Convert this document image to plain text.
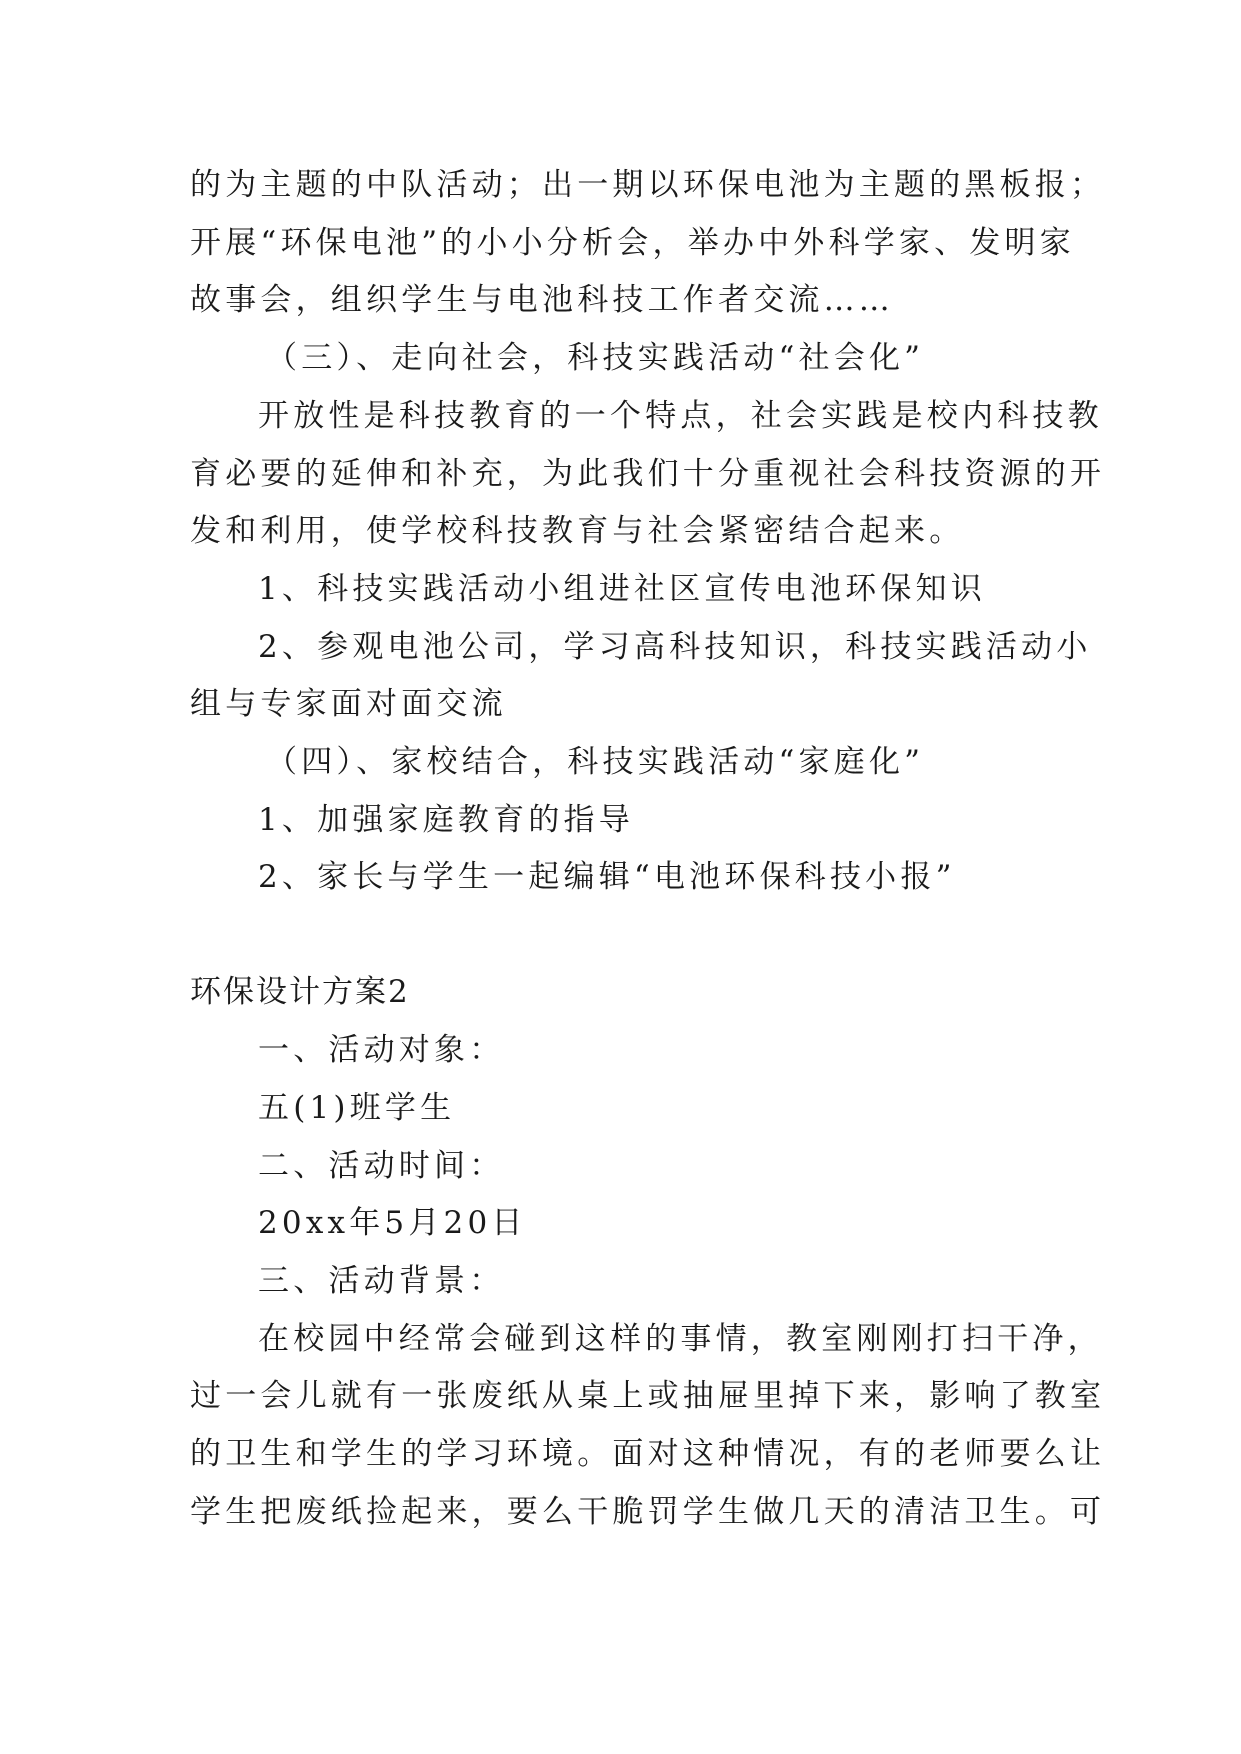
的为主题的中队活动；出一期以环保电池为主题的黑板报；
开展“环保电池”的小小分析会，举办中外科学家、发明家
故事会，组织学生与电池科技工作者交流……
（三）、走向社会，科技实践活动“社会化”
开放性是科技教育的一个特点，社会实践是校内科技教
育必要的延伸和补充，为此我们十分重视社会科技资源的开
发和利用，使学校科技教育与社会紧密结合起来。
1、科技实践活动小组进社区宣传电池环保知识
2、参观电池公司，学习高科技知识，科技实践活动小
组与专家面对面交流
（四）、家校结合，科技实践活动“家庭化”
1、加强家庭教育的指导
2、家长与学生一起编辑“电池环保科技小报”
环保设计方案2
一、活动对象：
五(1)班学生
二、活动时间：
20xx年5月20日
三、活动背景：
在校园中经常会碰到这样的事情，教室刚刚打扫干净，
过一会儿就有一张废纸从桌上或抽屉里掉下来，影响了教室
的卫生和学生的学习环境。面对这种情况，有的老师要么让
学生把废纸捡起来，要么干脆罚学生做几天的清洁卫生。可
